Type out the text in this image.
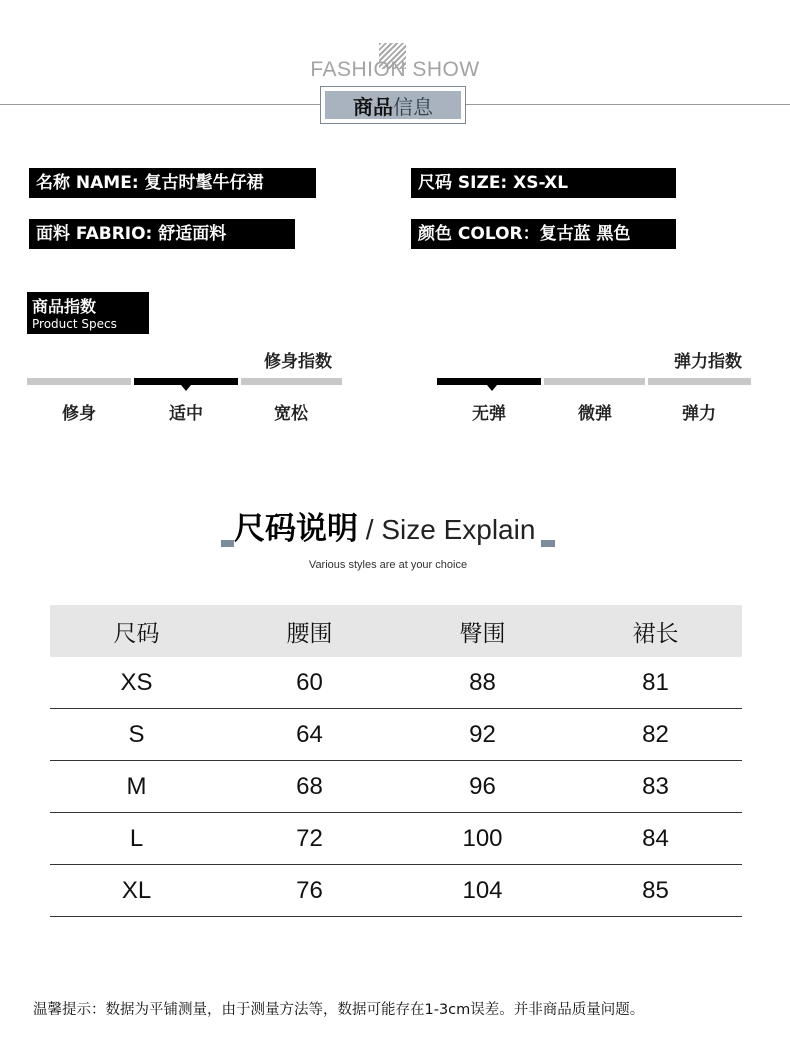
FASHION SHOW
商品 信息
名称 NAME: 复古时髦牛仔裙	尺码 SIZE: XS-XL
面料 FABRIO: 舒适面料	颜色 COLOR：复古蓝 黑色
商品指数
Product Specs
修身指数
修身	适中	宽松
弹力指数
无弹	微弹	弹力
尺码说明 / Size Explain
Various styles are at your choice
尺码	腰围	臀围	裙长
XS	60	88	81
S	64	92	82
M	68	96	83
L	72	100	84
XL	76	104	85
温馨提示：数据为平铺测量，由于测量方法等，数据可能存在1-3cm误差。并非商品质量问题。
